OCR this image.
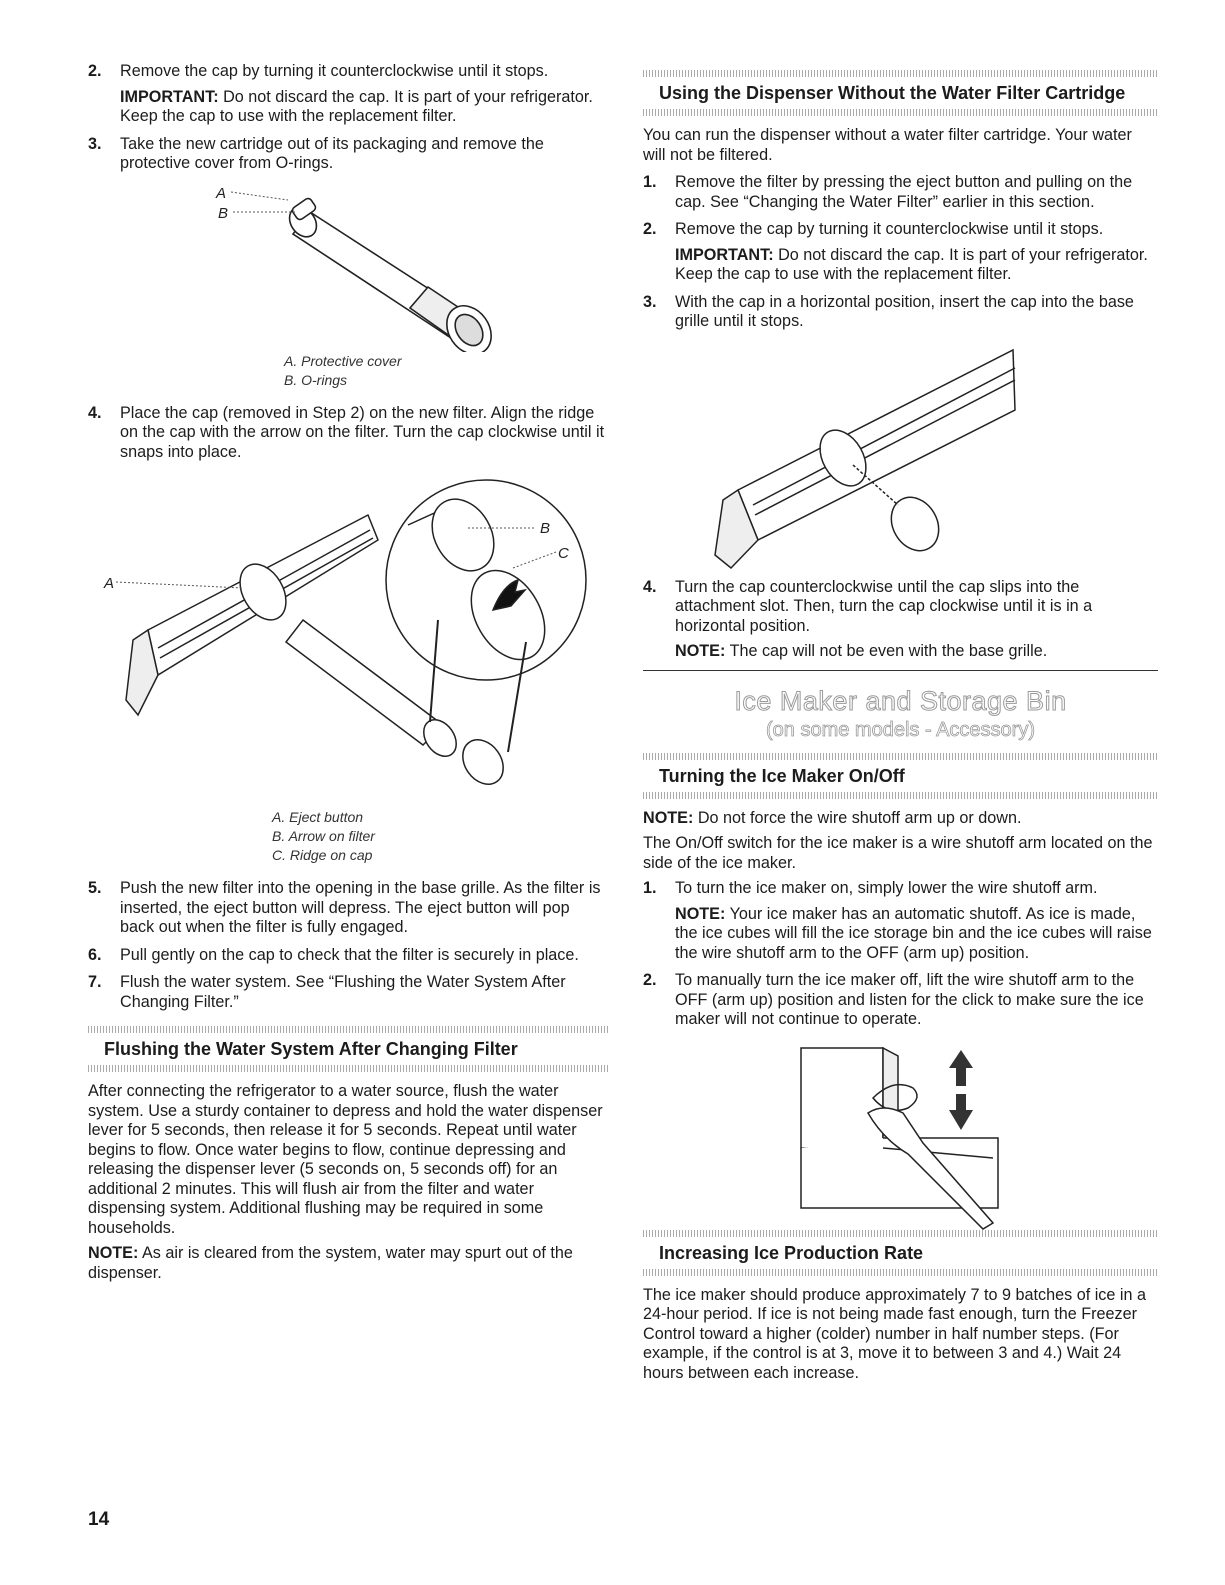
2. Remove the cap by turning it counterclockwise until it stops.

IMPORTANT: Do not discard the cap. It is part of your refrigerator. Keep the cap to use with the replacement filter.

3. Take the new cartridge out of its packaging and remove the protective cover from O-rings.

A
B
A. Protective cover
B. O-rings
4. Place the cap (removed in Step 2) on the new filter. Align the ridge on the cap with the arrow on the filter. Turn the cap clockwise until it snaps into place.

A
B
C
A. Eject button
B. Arrow on filter
C. Ridge on cap
5. Push the new filter into the opening in the base grille. As the filter is inserted, the eject button will depress. The eject button will pop back out when the filter is fully engaged.

6. Pull gently on the cap to check that the filter is securely in place.

7. Flush the water system. See “Flushing the Water System After Changing Filter.”

Flushing the Water System After Changing Filter

After connecting the refrigerator to a water source, flush the water system. Use a sturdy container to depress and hold the water dispenser lever for 5 seconds, then release it for 5 seconds. Repeat until water begins to flow. Once water begins to flow, continue depressing and releasing the dispenser lever (5 seconds on, 5 seconds off) for an additional 2 minutes. This will flush air from the filter and water dispensing system. Additional flushing may be required in some households.

NOTE: As air is cleared from the system, water may spurt out of the dispenser.

Using the Dispenser Without the Water Filter Cartridge

You can run the dispenser without a water filter cartridge. Your water will not be filtered.

1. Remove the filter by pressing the eject button and pulling on the cap. See “Changing the Water Filter” earlier in this section.

2. Remove the cap by turning it counterclockwise until it stops.

IMPORTANT: Do not discard the cap. It is part of your refrigerator. Keep the cap to use with the replacement filter.

3. With the cap in a horizontal position, insert the cap into the base grille until it stops.

4. Turn the cap counterclockwise until the cap slips into the attachment slot. Then, turn the cap clockwise until it is in a horizontal position.

NOTE: The cap will not be even with the base grille.

Ice Maker and Storage Bin
(on some models - Accessory)
Turning the Ice Maker On/Off

NOTE: Do not force the wire shutoff arm up or down.

The On/Off switch for the ice maker is a wire shutoff arm located on the side of the ice maker.

1. To turn the ice maker on, simply lower the wire shutoff arm.

NOTE: Your ice maker has an automatic shutoff. As ice is made, the ice cubes will fill the ice storage bin and the ice cubes will raise the wire shutoff arm to the OFF (arm up) position.

2. To manually turn the ice maker off, lift the wire shutoff arm to the OFF (arm up) position and listen for the click to make sure the ice maker will not continue to operate.

Increasing Ice Production Rate

The ice maker should produce approximately 7 to 9 batches of ice in a 24-hour period. If ice is not being made fast enough, turn the Freezer Control toward a higher (colder) number in half number steps. (For example, if the control is at 3, move it to between 3 and 4.) Wait 24 hours between each increase.

14
